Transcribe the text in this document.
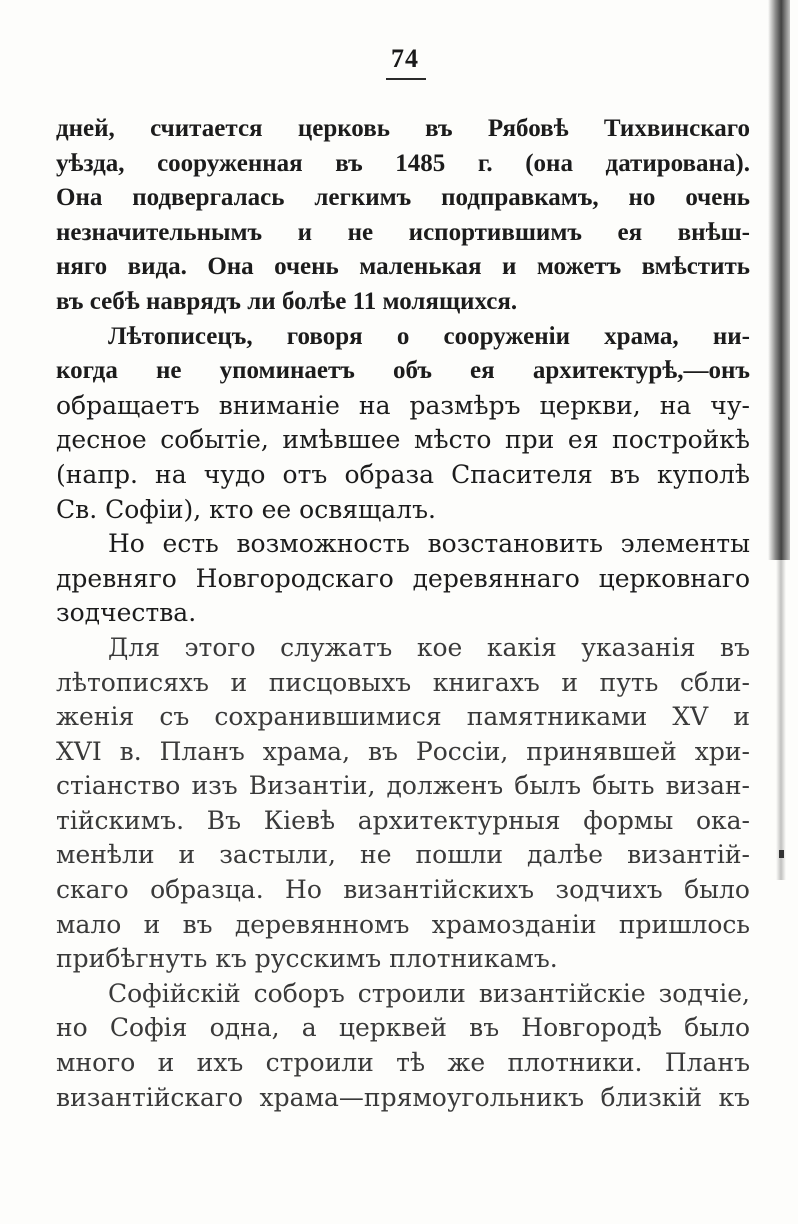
74
дней, считается церковь въ Рябовѣ Тихвинскаго
уѣзда, сооруженная въ 1485 г. (она датирована).
Она подвергалась легкимъ подправкамъ, но очень
незначительнымъ и не испортившимъ ея внѣш-
няго вида. Она очень маленькая и можетъ вмѣстить
въ себѣ наврядъ ли болѣе 11 молящихся.
Лѣтописецъ, говоря о сооруженіи храма, ни-
когда не упоминаетъ объ ея архитектурѣ,—онъ
обращаетъ вниманіе на размѣръ церкви, на чу-
десное событіе, имѣвшее мѣсто при ея постройкѣ
(напр. на чудо отъ образа Спасителя въ куполѣ
Св. Софіи), кто ее освящалъ.
Но есть возможность возстановить элементы
древняго Новгородскаго деревяннаго церковнаго
зодчества.
Для этого служатъ кое какія указанія въ
лѣтописяхъ и писцовыхъ книгахъ и путь сбли-
женія съ сохранившимися памятниками XV и
XVI в. Планъ храма, въ Россіи, принявшей хри-
стіанство изъ Византіи, долженъ былъ быть визан-
тійскимъ. Въ Кіевѣ архитектурныя формы ока-
менѣли и застыли, не пошли далѣе византій-
скаго образца. Но византійскихъ зодчихъ было
мало и въ деревянномъ храмозданіи пришлось
прибѣгнуть къ русскимъ плотникамъ.
Софійскій соборъ строили византійскіе зодчіе,
но Софія одна, а церквей въ Новгородѣ было
много и ихъ строили тѣ же плотники. Планъ
византійскаго храма—прямоугольникъ близкій къ
